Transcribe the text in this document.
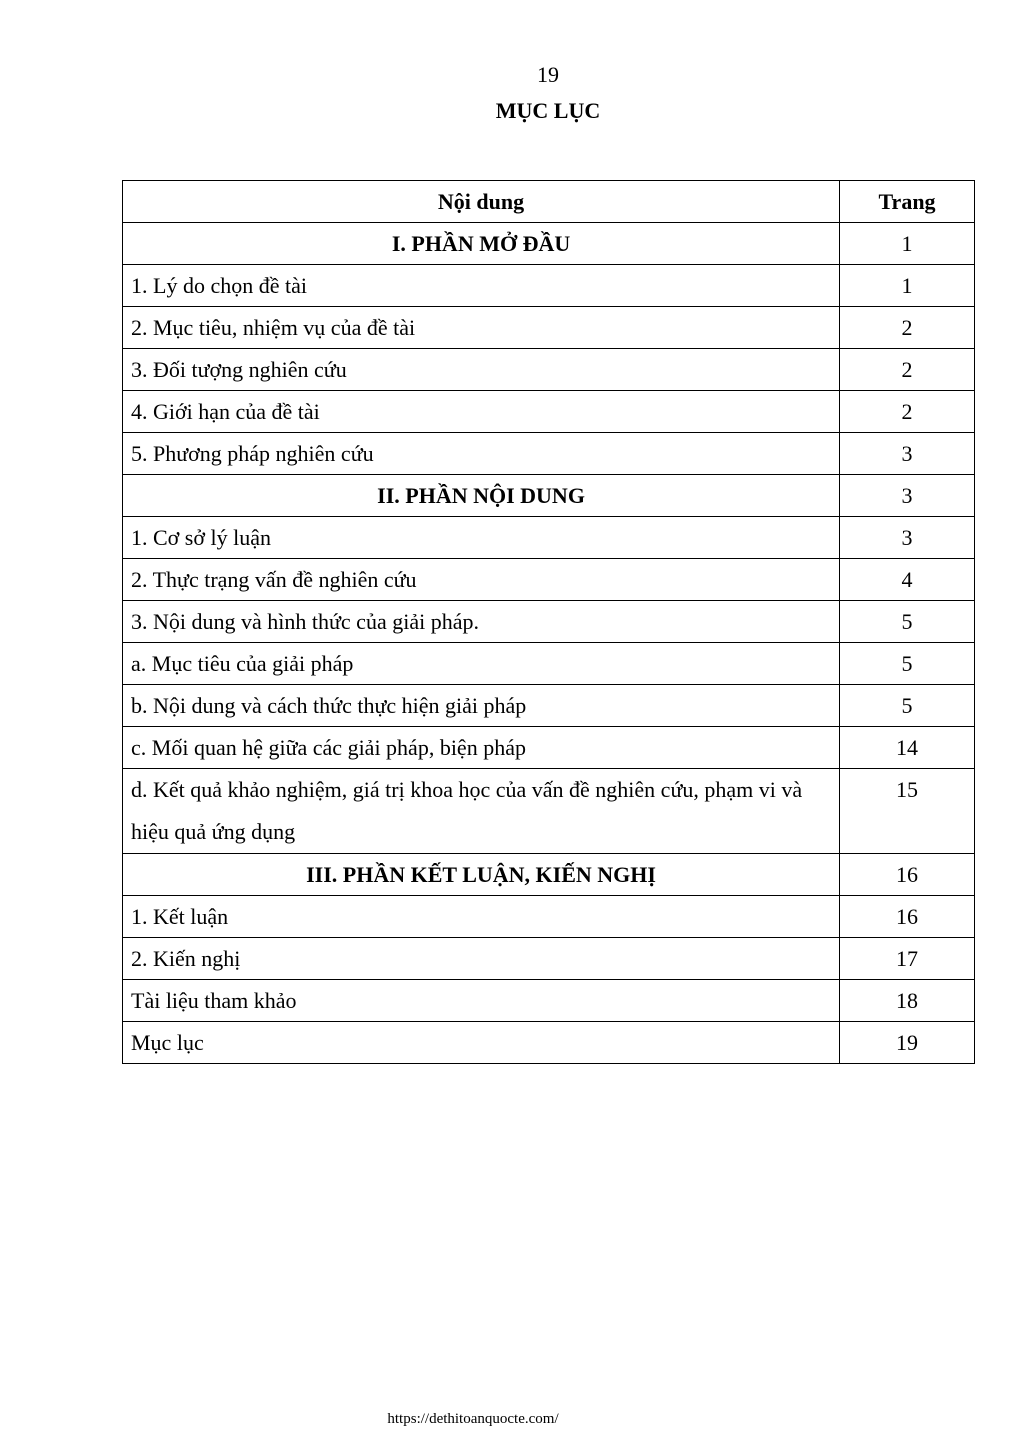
19
MỤC LỤC
Nội dung	Trang
I. PHẦN MỞ ĐẦU	1
1. Lý do chọn đề tài	1
2. Mục tiêu, nhiệm vụ của đề tài	2
3. Đối tượng nghiên cứu	2
4. Giới hạn của đề tài	2
5. Phương pháp nghiên cứu	3
II. PHẦN NỘI DUNG	3
1. Cơ sở lý luận	3
2. Thực trạng vấn đề nghiên cứu	4
3. Nội dung và hình thức của giải pháp.	5
a. Mục tiêu của giải pháp	5
b. Nội dung và cách thức thực hiện giải pháp	5
c. Mối quan hệ giữa các giải pháp, biện pháp	14
d. Kết quả khảo nghiệm, giá trị khoa học của vấn đề nghiên cứu, phạm vi và hiệu quả ứng dụng	15
III. PHẦN KẾT LUẬN, KIẾN NGHỊ	16
1. Kết luận	16
2. Kiến nghị	17
Tài liệu tham khảo	18
Mục lục	19
https://dethitoanquocte.com/
